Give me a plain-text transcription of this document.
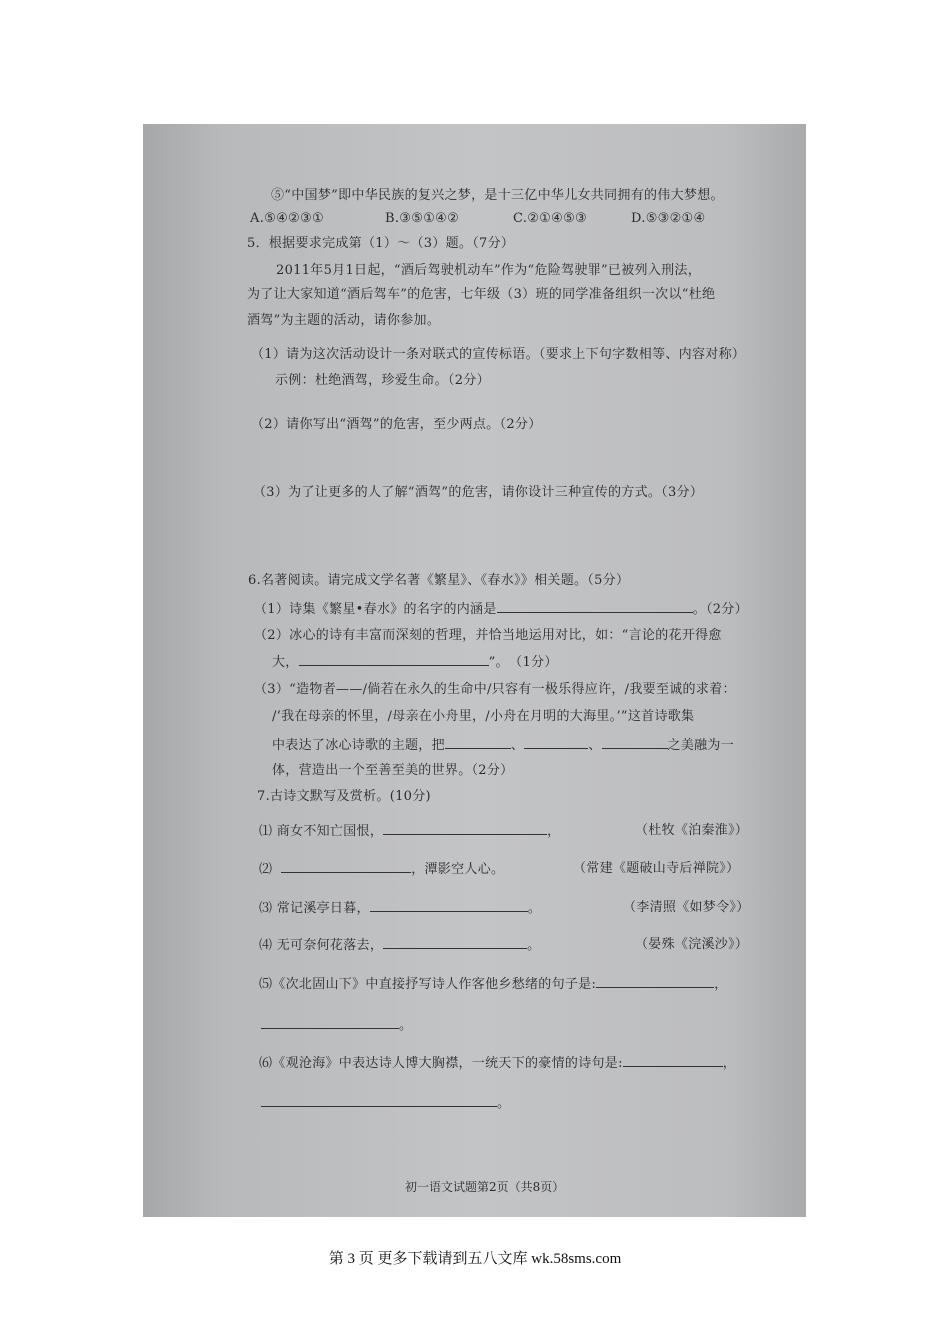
⑤“中国梦”即中华民族的复兴之梦，是十三亿中华儿女共同拥有的伟大梦想。
A.⑤④②③①	B.③⑤①④②	C.②①④⑤③	D.⑤③②①④
5．根据要求完成第（1）～（3）题。（7分）
2011年5月1日起，“酒后驾驶机动车”作为“危险驾驶罪”已被列入刑法，
为了让大家知道“酒后驾车”的危害，七年级（3）班的同学准备组织一次以“杜绝
酒驾”为主题的活动，请你参加。
（1）请为这次活动设计一条对联式的宣传标语。（要求上下句字数相等、内容对称）
示例：杜绝酒驾，珍爱生命。（2分）
（2）请你写出“酒驾”的危害，至少两点。（2分）
（3）为了让更多的人了解“酒驾”的危害，请你设计三种宣传的方式。（3分）
6.名著阅读。请完成文学名著《繁星》、《春水》》相关题。（5分）
（1）诗集《繁星•春水》的名字的内涵是	。（2分）
（2）冰心的诗有丰富而深刻的哲理，并恰当地运用对比，如：“言论的花开得愈
大，	”。　（1分）
（3）“造物者——/倘若在永久的生命中/只容有一极乐得应许，/我要至诚的求着：
/‘我在母亲的怀里，/母亲在小舟里，/小舟在月明的大海里。’”这首诗歌集
中表达了冰心诗歌的主题，把	、	、	之美融为一
体，营造出一个至善至美的世界。（2分）
7.古诗文默写及赏析。(10分)
⑴ 商女不知亡国恨，	，	（杜牧《泊秦淮》）
⑵	，潭影空人心。	（常建《题破山寺后禅院》）
⑶ 常记溪亭日暮，	。	（李清照《如梦令》）
⑷ 无可奈何花落去，	。	（晏殊《浣溪沙》）
⑸《次北固山下》中直接抒写诗人作客他乡愁绪的句子是:	，
。
⑹《观沧海》中表达诗人博大胸襟，一统天下的豪情的诗句是:	，
。
初一语文试题第2页（共8页）
第 3 页 更多下载请到五八文库 wk.58sms.com
